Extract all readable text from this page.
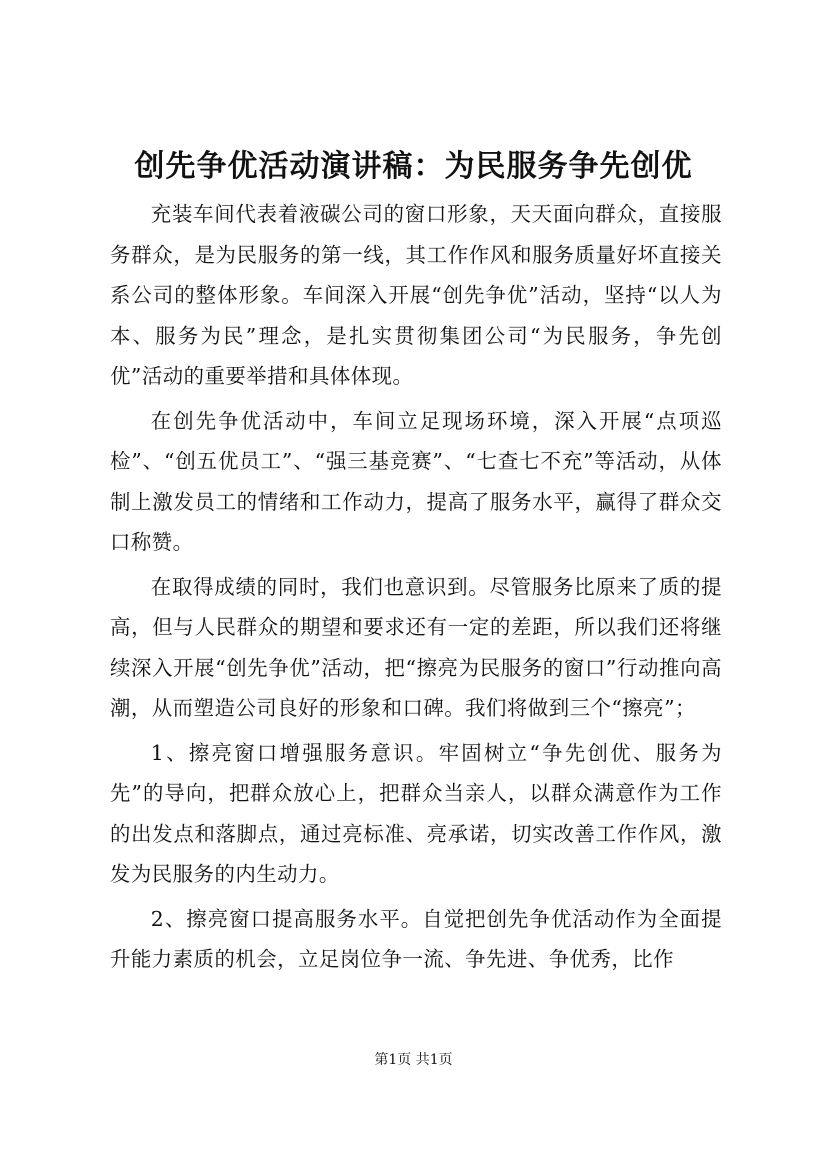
创先争优活动演讲稿：为民服务争先创优

充装车间代表着液碳公司的窗口形象，天天面向群众，直接服务群众，是为民服务的第一线，其工作作风和服务质量好坏直接关系公司的整体形象。车间深入开展“创先争优”活动，坚持“以人为本、服务为民”理念，是扎实贯彻集团公司“为民服务，争先创优”活动的重要举措和具体体现。

在创先争优活动中，车间立足现场环境，深入开展“点项巡检”、“创五优员工”、“强三基竞赛”、“七查七不充”等活动，从体制上激发员工的情绪和工作动力，提高了服务水平，赢得了群众交口称赞。

在取得成绩的同时，我们也意识到。尽管服务比原来了质的提高，但与人民群众的期望和要求还有一定的差距，所以我们还将继续深入开展“创先争优”活动，把“擦亮为民服务的窗口”行动推向高潮，从而塑造公司良好的形象和口碑。我们将做到三个“擦亮”；

1、擦亮窗口增强服务意识。牢固树立“争先创优、服务为先”的导向，把群众放心上，把群众当亲人，以群众满意作为工作的出发点和落脚点，通过亮标准、亮承诺，切实改善工作作风，激发为民服务的内生动力。

2、擦亮窗口提高服务水平。自觉把创先争优活动作为全面提升能力素质的机会，立足岗位争一流、争先进、争优秀，比作

第1页 共1页
